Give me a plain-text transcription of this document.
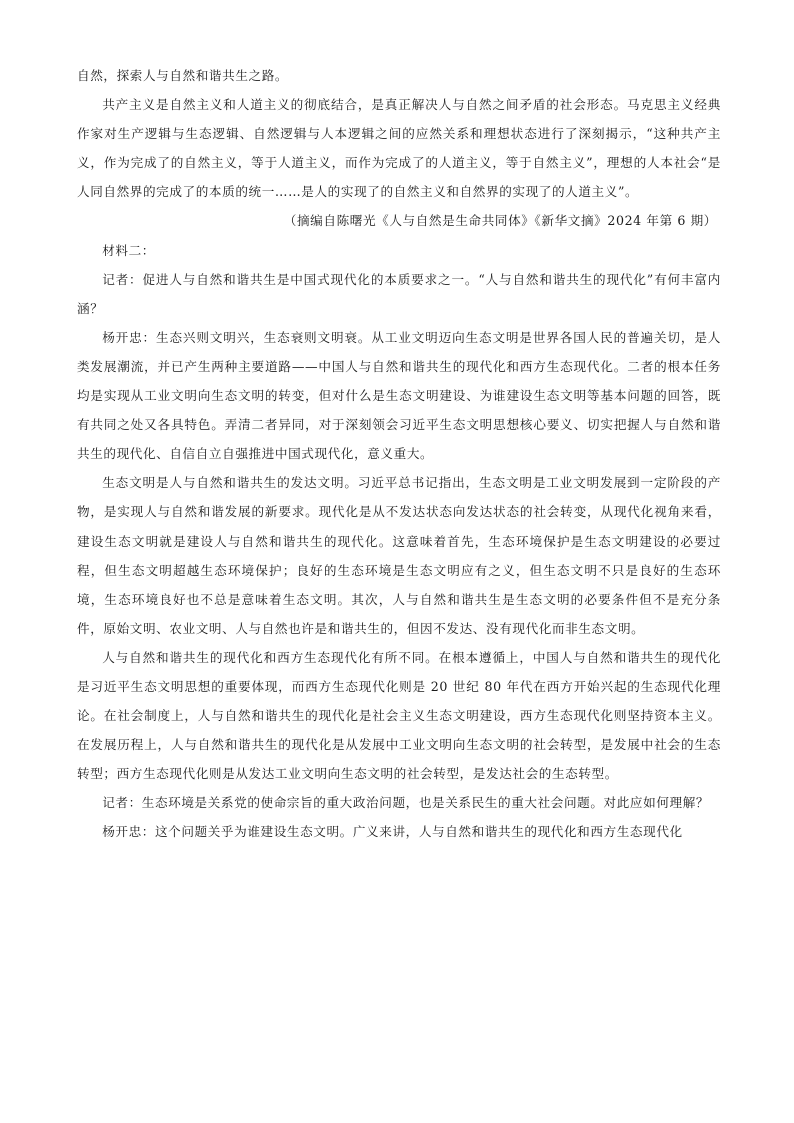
自然，探索人与自然和谐共生之路。

共产主义是自然主义和人道主义的彻底结合，是真正解决人与自然之间矛盾的社会形态。马克思主义经典作家对生产逻辑与生态逻辑、自然逻辑与人本逻辑之间的应然关系和理想状态进行了深刻揭示，“这种共产主义，作为完成了的自然主义，等于人道主义，而作为完成了的人道主义，等于自然主义”，理想的人本社会“是人同自然界的完成了的本质的统一……是人的实现了的自然主义和自然界的实现了的人道主义”。

（摘编自陈曙光《人与自然是生命共同体》《新华文摘》2024 年第 6 期）

材料二：

记者：促进人与自然和谐共生是中国式现代化的本质要求之一。“人与自然和谐共生的现代化”有何丰富内涵？

杨开忠：生态兴则文明兴，生态衰则文明衰。从工业文明迈向生态文明是世界各国人民的普遍关切，是人类发展潮流，并已产生两种主要道路——中国人与自然和谐共生的现代化和西方生态现代化。二者的根本任务均是实现从工业文明向生态文明的转变，但对什么是生态文明建设、为谁建设生态文明等基本问题的回答，既有共同之处又各具特色。弄清二者异同，对于深刻领会习近平生态文明思想核心要义、切实把握人与自然和谐共生的现代化、自信自立自强推进中国式现代化，意义重大。

生态文明是人与自然和谐共生的发达文明。习近平总书记指出，生态文明是工业文明发展到一定阶段的产物，是实现人与自然和谐发展的新要求。现代化是从不发达状态向发达状态的社会转变，从现代化视角来看，建设生态文明就是建设人与自然和谐共生的现代化。这意味着首先，生态环境保护是生态文明建设的必要过程，但生态文明超越生态环境保护；良好的生态环境是生态文明应有之义，但生态文明不只是良好的生态环境，生态环境良好也不总是意味着生态文明。其次，人与自然和谐共生是生态文明的必要条件但不是充分条件，原始文明、农业文明、人与自然也许是和谐共生的，但因不发达、没有现代化而非生态文明。

人与自然和谐共生的现代化和西方生态现代化有所不同。在根本遵循上，中国人与自然和谐共生的现代化是习近平生态文明思想的重要体现，而西方生态现代化则是 20 世纪 80 年代在西方开始兴起的生态现代化理论。在社会制度上，人与自然和谐共生的现代化是社会主义生态文明建设，西方生态现代化则坚持资本主义。在发展历程上，人与自然和谐共生的现代化是从发展中工业文明向生态文明的社会转型，是发展中社会的生态转型；西方生态现代化则是从发达工业文明向生态文明的社会转型，是发达社会的生态转型。

记者：生态环境是关系党的使命宗旨的重大政治问题，也是关系民生的重大社会问题。对此应如何理解？

杨开忠：这个问题关乎为谁建设生态文明。广义来讲，人与自然和谐共生的现代化和西方生态现代化
